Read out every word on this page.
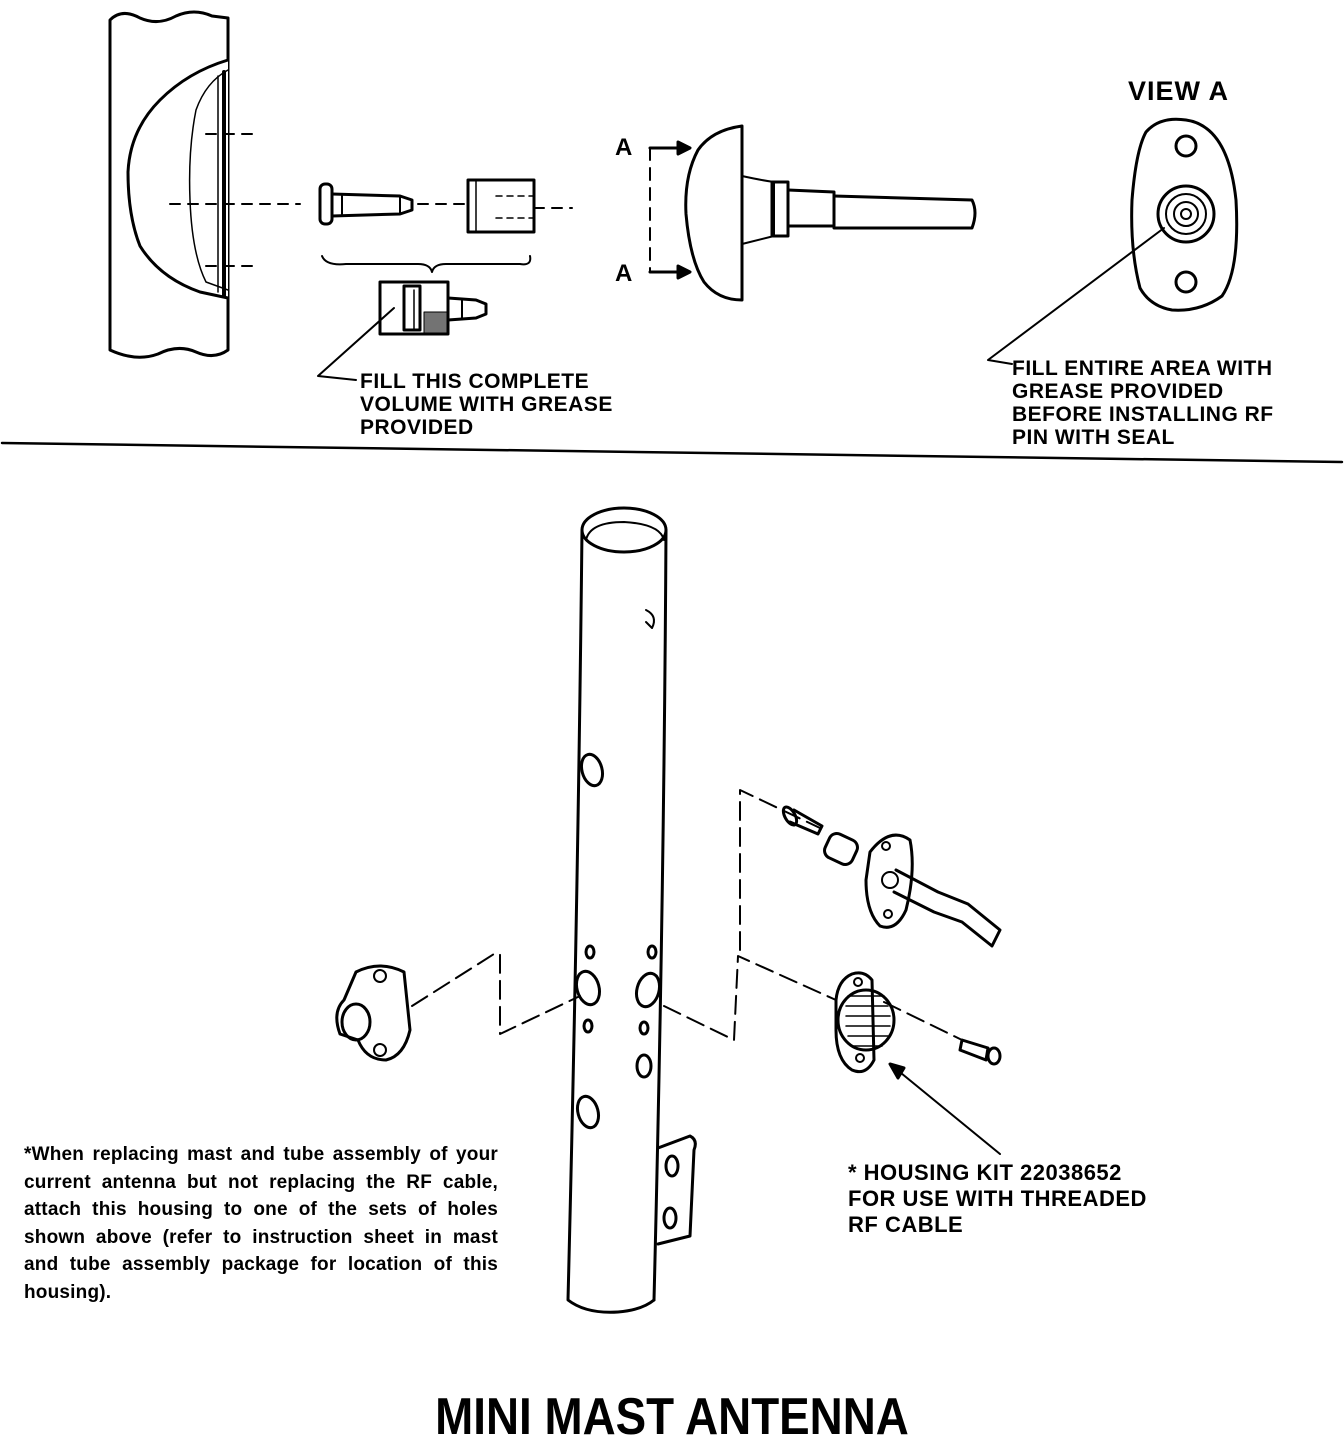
VIEW A
A
A
FILL THIS COMPLETE
VOLUME WITH GREASE
PROVIDED
FILL ENTIRE AREA WITH
GREASE PROVIDED
BEFORE INSTALLING RF
PIN WITH SEAL
*When replacing mast and tube assembly of your current antenna but not replacing the RF cable, attach this housing to one of the sets of holes shown above (refer to instruction sheet in mast and tube assembly package for location of this housing).
* HOUSING KIT 22038652
FOR USE WITH THREADED
RF CABLE
MINI MAST ANTENNA
